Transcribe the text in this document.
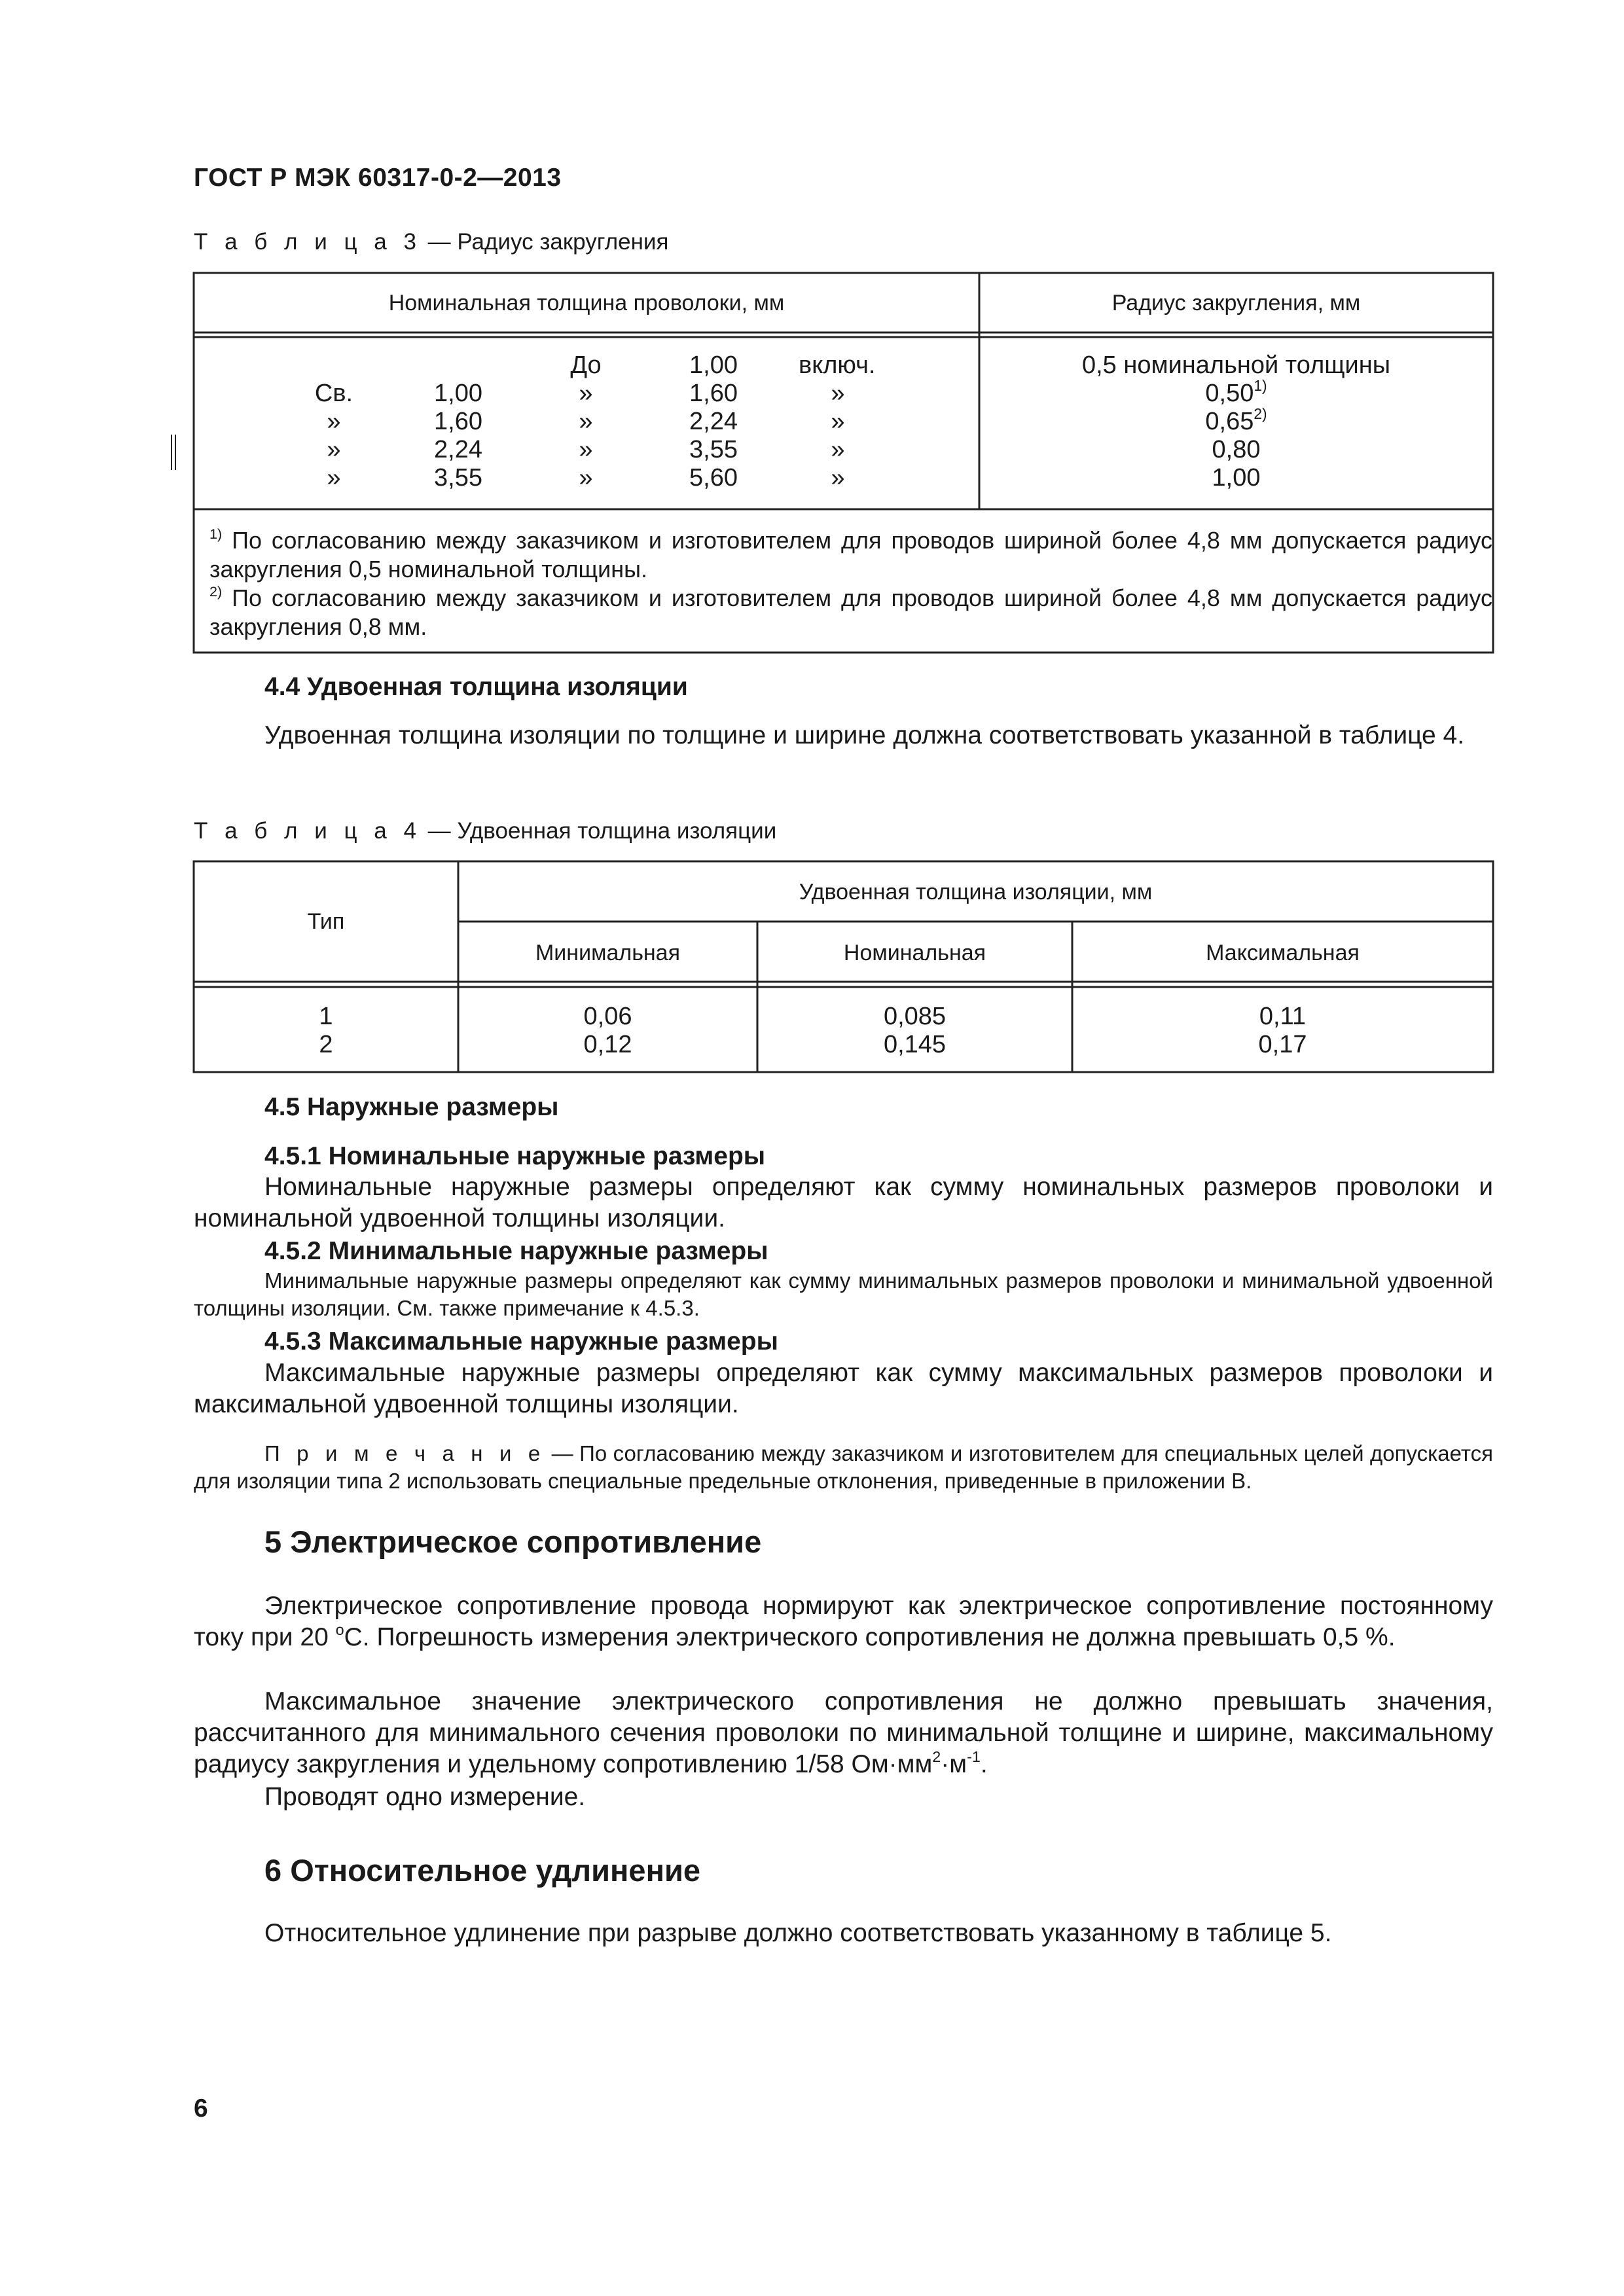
ГОСТ Р МЭК 60317-0-2—2013
Т а б л и ц а 3 — Радиус закругления
Номинальная толщина проволоки, мм	Радиус закругления, мм
До	1,00	включ.	0,5 номинальной толщины
Св.	1,00	»	1,60	»	0,50$^{1)}$
»	1,60	»	2,24	»	0,65$^{2)}$
»	2,24	»	3,55	»	0,80
»	3,55	»	5,60	»	1,00
$^{1)}$ По согласованию между заказчиком и изготовителем для проводов шириной более 4,8 мм допускается радиус закругления 0,5 номинальной толщины.
$^{2)}$ По согласованию между заказчиком и изготовителем для проводов шириной более 4,8 мм допускается радиус закругления 0,8 мм.
4.4 Удвоенная толщина изоляции

Удвоенная толщина изоляции по толщине и ширине должна соответствовать указанной в таблице 4.

Т а б л и ц а 4 — Удвоенная толщина изоляции
Тип
Удвоенная толщина изоляции, мм
Минимальная	Номинальная	Максимальная
1	0,06	0,085	0,11
2	0,12	0,145	0,17
4.5 Наружные размеры
4.5.1 Номинальные наружные размеры

Номинальные наружные размеры определяют как сумму номинальных размеров проволоки и номинальной удвоенной толщины изоляции.

4.5.2 Минимальные наружные размеры

Минимальные наружные размеры определяют как сумму минимальных размеров проволоки и минимальной удвоенной толщины изоляции. См. также примечание к 4.5.3.

4.5.3 Максимальные наружные размеры

Максимальные наружные размеры определяют как сумму максимальных размеров проволоки и максимальной удвоенной толщины изоляции.

П р и м е ч а н и е — По согласованию между заказчиком и изготовителем для специальных целей допускается для изоляции типа 2 использовать специальные предельные отклонения, приведенные в приложении В.

5 Электрическое сопротивление

Электрическое сопротивление провода нормируют как электрическое сопротивление постоянному току при 20 $^o$C. Погрешность измерения электрического сопротивления не должна превышать 0,5 %.

Максимальное значение электрического сопротивления не должно превышать значения, рассчитанного для минимального сечения проволоки по минимальной толщине и ширине, максимальному радиусу закругления и удельному сопротивлению 1/58 $Ом\cdot мм^2\cdot м^{-1}$.

Проводят одно измерение.

6 Относительное удлинение

Относительное удлинение при разрыве должно соответствовать указанному в таблице 5.

6
